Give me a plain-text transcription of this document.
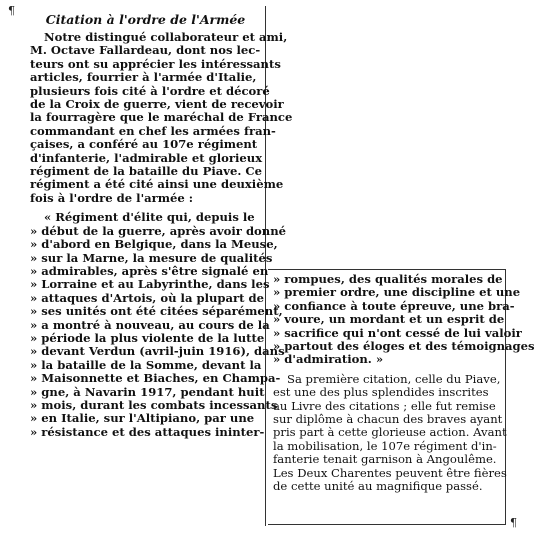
¶
¶
Citation à l'ordre de l'Armée
Notre distingué collaborateur et ami,
M. Octave Fallardeau, dont nos lec-
teurs ont su apprécier les intéressants
articles, fourrier à l'armée d'Italie,
plusieurs fois cité à l'ordre et décoré
de la Croix de guerre, vient de recevoir
la fourragère que le maréchal de France
commandant en chef les armées fran-
çaises, a conféré au 107e régiment
d'infanterie, l'admirable et glorieux
régiment de la bataille du Piave. Ce
régiment a été cité ainsi une deuxième
fois à l'ordre de l'armée :
« Régiment d'élite qui, depuis le
» début de la guerre, après avoir donné
» d'abord en Belgique, dans la Meuse,
» sur la Marne, la mesure de qualités
» admirables, après s'être signalé en
» Lorraine et au Labyrinthe, dans les
» attaques d'Artois, où la plupart de
» ses unités ont été citées séparément,
» a montré à nouveau, au cours de la
» période la plus violente de la lutte
» devant Verdun (avril-juin 1916), dans
» la bataille de la Somme, devant la
» Maisonnette et Biaches, en Champa-
» gne, à Navarin 1917, pendant huit
» mois, durant les combats incessants
» en Italie, sur l'Altipiano, par une
» résistance et des attaques ininter-
» rompues, des qualités morales de
» premier ordre, une discipline et une
» confiance à toute épreuve, une bra-
» voure, un mordant et un esprit de
» sacrifice qui n'ont cessé de lui valoir
» partout des éloges et des témoignages
» d'admiration. »
Sa première citation, celle du Piave,
est une des plus splendides inscrites
au Livre des citations ; elle fut remise
sur diplôme à chacun des braves ayant
pris part à cette glorieuse action. Avant
la mobilisation, le 107e régiment d'in-
fanterie tenait garnison à Angoulême.
Les Deux Charentes peuvent être fières
de cette unité au magnifique passé.
